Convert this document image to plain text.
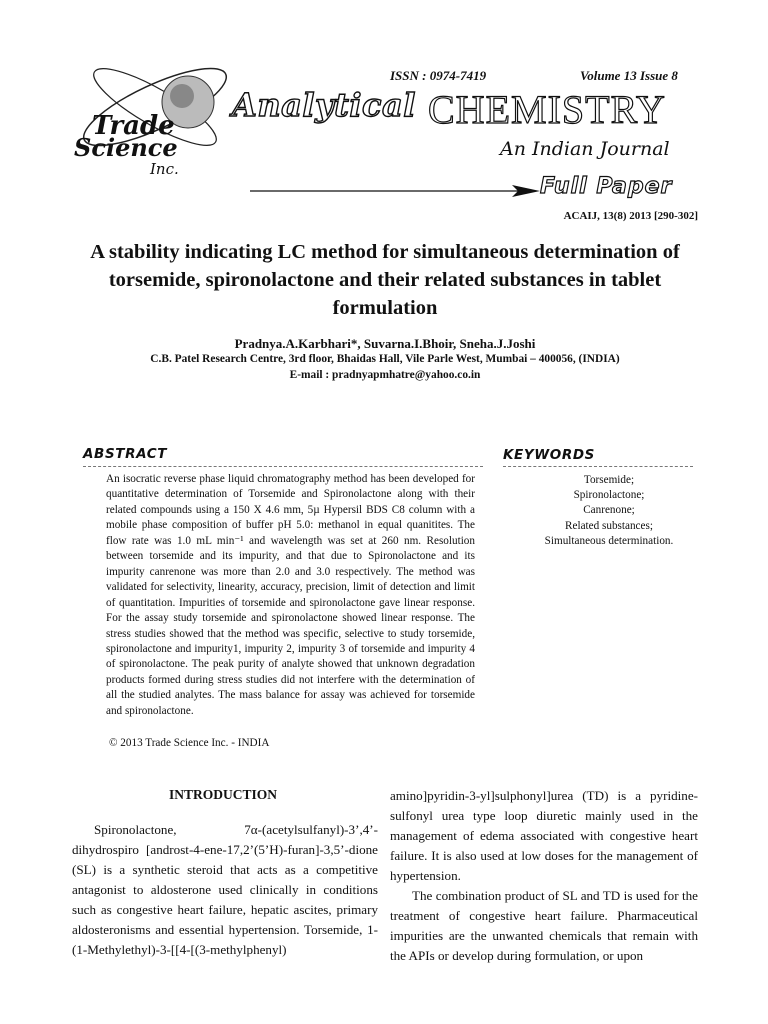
Trade
Science
Inc.
ISSN : 0974-7419	Volume 13 Issue 8
Analytical CHEMISTRY
An Indian Journal
Full Paper
ACAIJ, 13(8) 2013 [290-302]
A stability indicating LC method for simultaneous determination of torsemide, spironolactone and their related substances in tablet formulation
Pradnya.A.Karbhari*, Suvarna.I.Bhoir, Sneha.J.Joshi
C.B. Patel Research Centre, 3rd floor, Bhaidas Hall, Vile Parle West, Mumbai – 400056, (INDIA)
E-mail : pradnyapmhatre@yahoo.co.in
ABSTRACT
An isocratic reverse phase liquid chromatography method has been developed for quantitative determination of Torsemide and Spironolactone along with their related compounds using a 150 X 4.6 mm, 5µ Hypersil BDS C8 column with a mobile phase composition of buffer pH 5.0: methanol in equal quanitites. The flow rate was 1.0 mL min⁻¹ and wavelength was set at 260 nm. Resolution between torsemide and its impurity, and that due to Spironolactone and its impurity canrenone was more than 2.0 and 3.0 respectively. The method was validated for selectivity, linearity, accuracy, precision, limit of detection and limit of quantitation. Impurities of torsemide and spironolactone gave linear response. For the assay study torsemide and spironolactone showed linear response. The stress studies showed that the method was specific, selective to study torsemide, spironolactone and impurity1, impurity 2, impurity 3 of torsemide and impurity 4 of spironolactone. The peak purity of analyte showed that unknown degradation products formed during stress studies did not interfere with the determination of all the studied analytes. The mass balance for assay was achieved for torsemide and spironolactone.
© 2013 Trade Science Inc. - INDIA
KEYWORDS
Torsemide;
Spironolactone;
Canrenone;
Related substances;
Simultaneous determination.
INTRODUCTION

Spironolactone, 7α-(acetylsulfanyl)-3’,4’-dihydrospiro [androst-4-ene-17,2’(5’H)-furan]-3,5’-dione (SL) is a synthetic steroid that acts as a competitive antagonist to aldosterone used clinically in conditions such as congestive heart failure, hepatic ascites, primary aldosteronisms and essential hypertension. Torsemide, 1-(1-Methylethyl)-3-[[4-[(3-methylphenyl)

amino]pyridin-3-yl]sulphonyl]urea (TD) is a pyridine-sulfonyl urea type loop diuretic mainly used in the management of edema associated with congestive heart failure. It is also used at low doses for the management of hypertension.

The combination product of SL and TD is used for the treatment of congestive heart failure. Pharmaceutical impurities are the unwanted chemicals that remain with the APIs or develop during formulation, or upon
